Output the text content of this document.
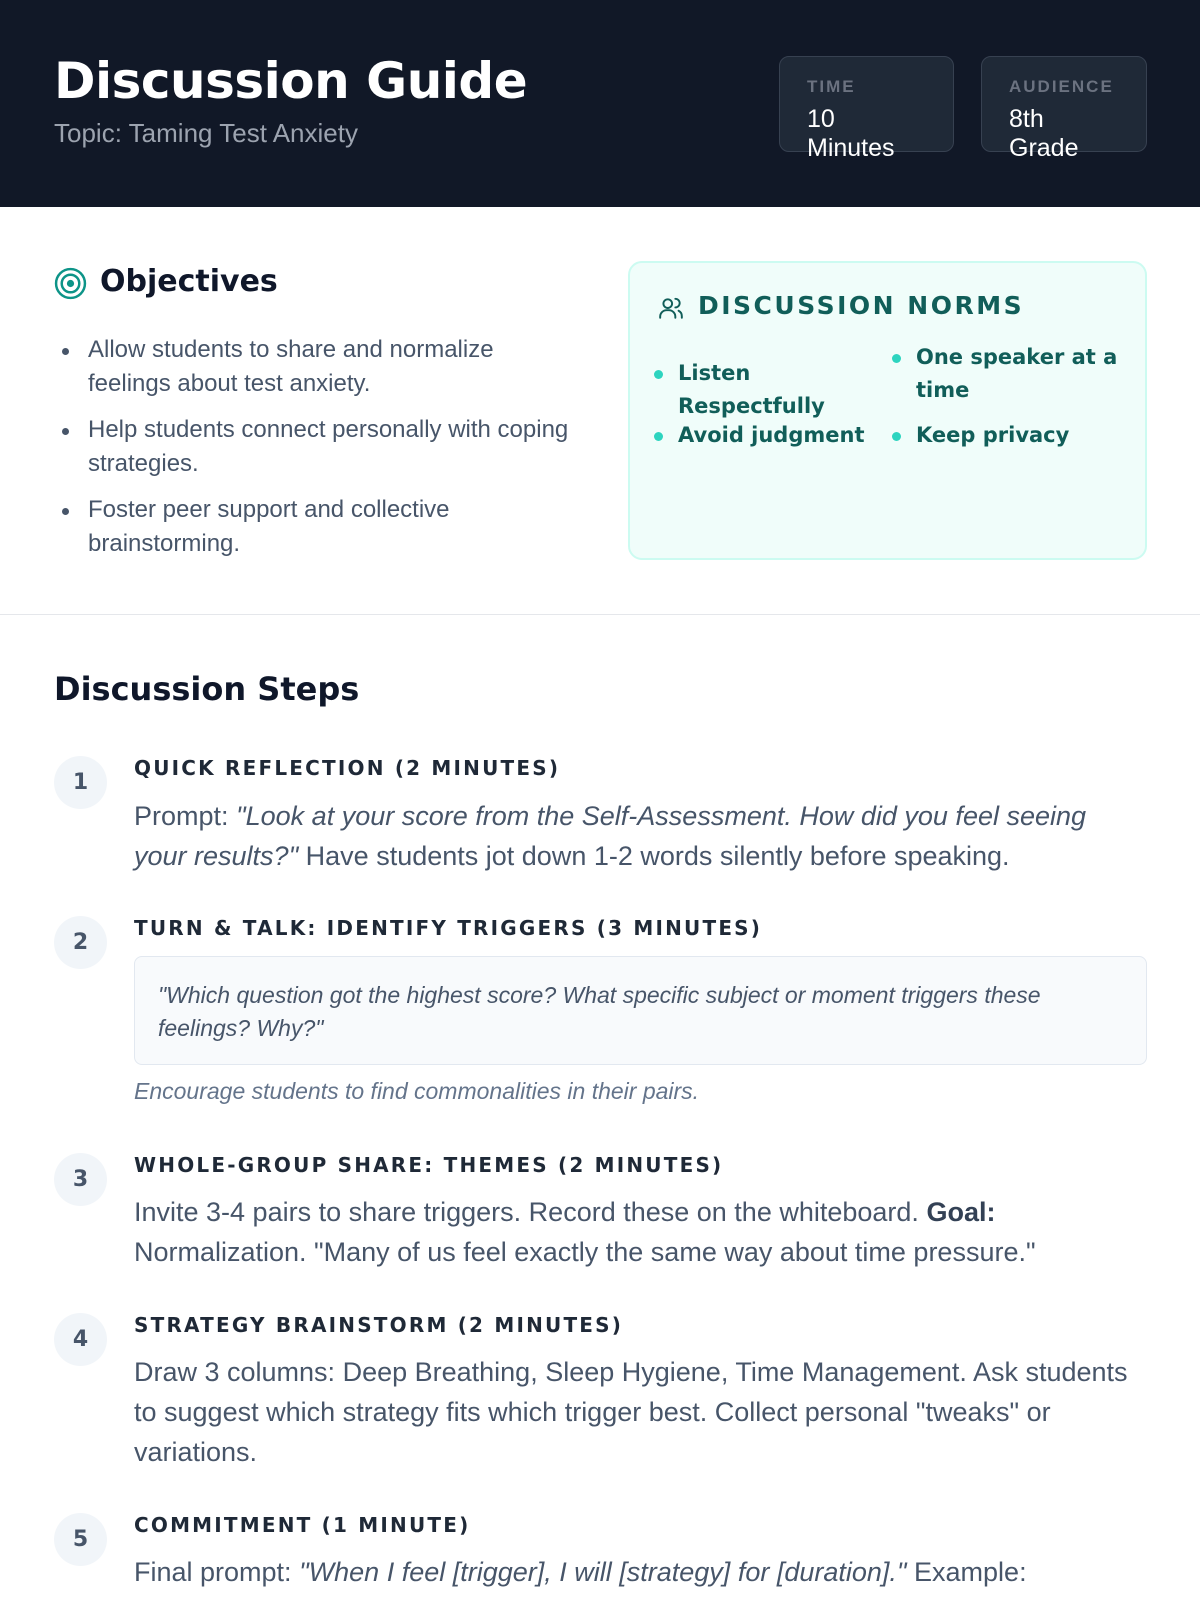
Discussion Guide
Topic: Taming Test Anxiety
TIME
10 Minutes
AUDIENCE
8th Grade
Objectives
Allow students to share and normalize feelings about test anxiety.
Help students connect personally with coping strategies.
Foster peer support and collective brainstorming.
DISCUSSION NORMS
Listen Respectfully
One speaker at a time
Avoid judgment	Keep privacy
Discussion Steps
1
QUICK REFLECTION (2 MINUTES)
Prompt: "Look at your score from the Self-Assessment. How did you feel seeing your results?" Have students jot down 1-2 words silently before speaking.
2
TURN & TALK: IDENTIFY TRIGGERS (3 MINUTES)
"Which question got the highest score? What specific subject or moment triggers these feelings? Why?"
Encourage students to find commonalities in their pairs.
3
WHOLE-GROUP SHARE: THEMES (2 MINUTES)
Invite 3-4 pairs to share triggers. Record these on the whiteboard. Goal: Normalization. "Many of us feel exactly the same way about time pressure."
4
STRATEGY BRAINSTORM (2 MINUTES)
Draw 3 columns: Deep Breathing, Sleep Hygiene, Time Management. Ask students to suggest which strategy fits which trigger best. Collect personal "tweaks" or variations.
5
COMMITMENT (1 MINUTE)
Final prompt: "When I feel [trigger], I will [strategy] for [duration]." Example:
